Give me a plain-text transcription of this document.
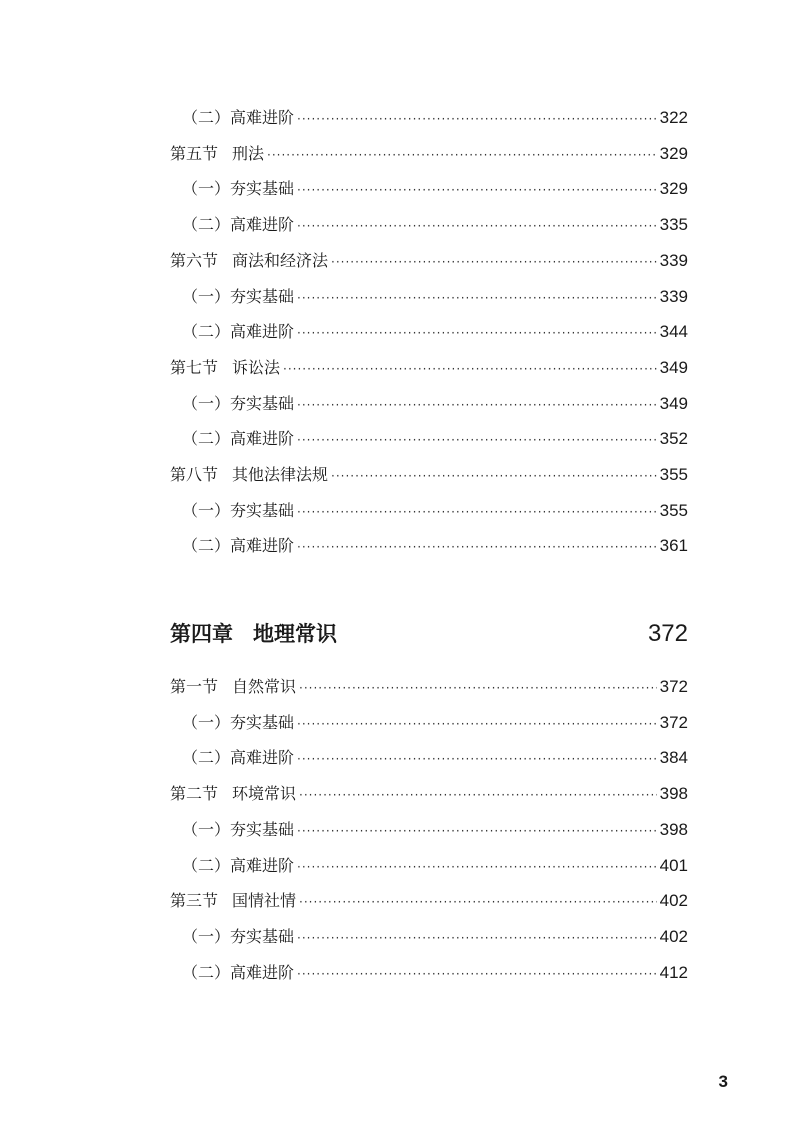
（二）高难进阶 ·····	322
第五节 刑法 ·····	329
（一）夯实基础 ·····	329
（二）高难进阶 ·····	335
第六节 商法和经济法 ·····	339
（一）夯实基础 ·····	339
（二）高难进阶 ·····	344
第七节 诉讼法 ·····	349
（一）夯实基础 ·····	349
（二）高难进阶 ·····	352
第八节 其他法律法规 ·····	355
（一）夯实基础 ·····	355
（二）高难进阶 ·····	361
第四章 地理常识	372
第一节 自然常识 ·····	372
（一）夯实基础 ·····	372
（二）高难进阶 ·····	384
第二节 环境常识 ·····	398
（一）夯实基础 ·····	398
（二）高难进阶 ·····	401
第三节 国情社情 ·····	402
（一）夯实基础 ·····	402
（二）高难进阶 ·····	412
3
